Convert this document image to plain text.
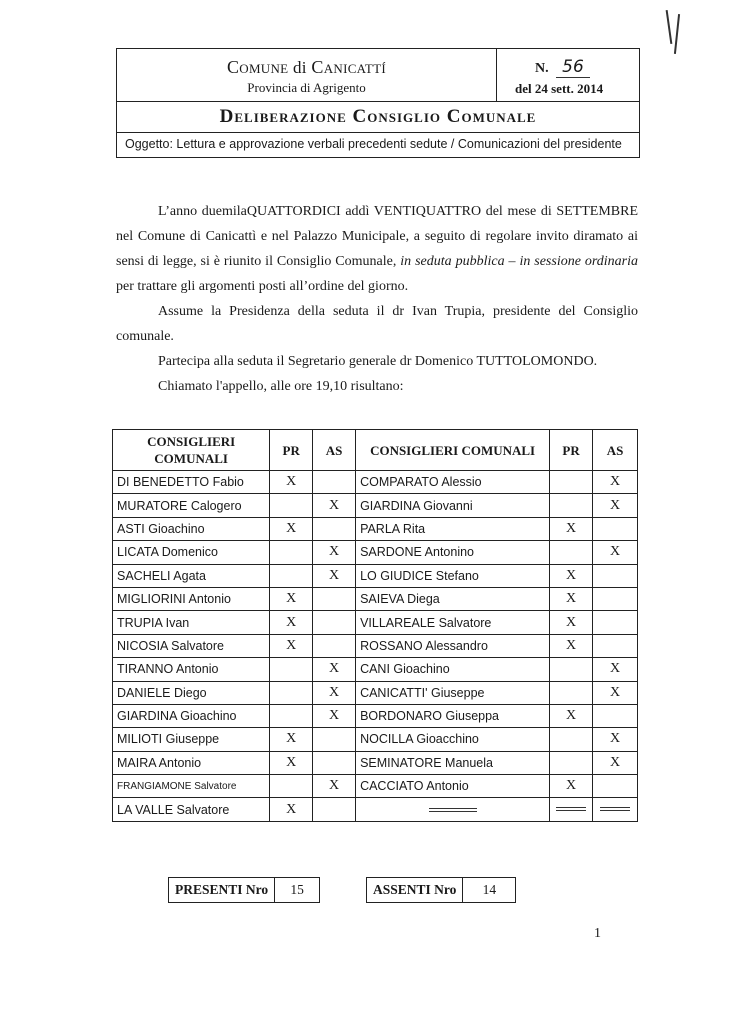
Comune di Canicattí
Provincia di Agrigento
N. 56
del 24 sett. 2014
Deliberazione Consiglio Comunale
Oggetto: Lettura e approvazione verbali precedenti sedute / Comunicazioni del presidente

L’anno duemilaQUATTORDICI addì VENTIQUATTRO del mese di SETTEMBRE nel Comune di Canicattì e nel Palazzo Municipale, a seguito di regolare invito diramato ai sensi di legge, si è riunito il Consiglio Comunale, in seduta pubblica – in sessione ordinaria per trattare gli argomenti posti all’ordine del giorno.

Assume la Presidenza della seduta il dr Ivan Trupia, presidente del Consiglio comunale.

Partecipa alla seduta il Segretario generale dr Domenico TUTTOLOMONDO.

Chiamato l'appello, alle ore 19,10 risultano:

CONSIGLIERI COMUNALI	PR	AS	CONSIGLIERI COMUNALI	PR	AS
DI BENEDETTO Fabio	X		COMPARATO Alessio		X
MURATORE Calogero		X	GIARDINA Giovanni		X
ASTI Gioachino	X		PARLA Rita	X	
LICATA Domenico		X	SARDONE Antonino		X
SACHELI Agata		X	LO GIUDICE Stefano	X	
MIGLIORINI Antonio	X		SAIEVA Diega	X	
TRUPIA Ivan	X		VILLAREALE Salvatore	X	
NICOSIA Salvatore	X		ROSSANO Alessandro	X	
TIRANNO Antonio		X	CANI Gioachino		X
DANIELE Diego		X	CANICATTI' Giuseppe		X
GIARDINA Gioachino		X	BORDONARO Giuseppa	X	
MILIOTI Giuseppe	X		NOCILLA Gioacchino		X
MAIRA Antonio	X		SEMINATORE Manuela		X
FRANGIAMONE Salvatore		X	CACCIATO Antonio	X	
LA VALLE Salvatore	X				
PRESENTI Nro	15	ASSENTI Nro	14
1
